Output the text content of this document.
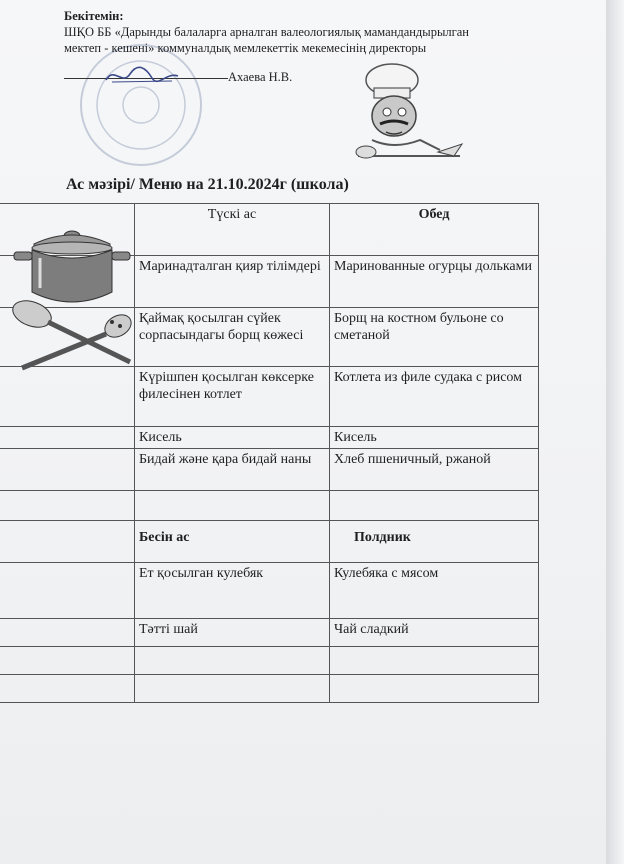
Бекітемін:
ШҚО ББ «Дарынды балаларга арналган валеологиялық мамандандырылган
мектеп - кешені» коммуналдық мемлекеттік мекемесінің директоры
Ахаева Н.В.
Ас мәзірі/ Меню на 21.10.2024г (школа)
	Түскі ас	Обед
	Маринадталган қияр тілімдері	Маринованные огурцы дольками
	Қаймақ қосылган сүйек сорпасындагы борщ көжесі	Борщ на костном бульоне со сметаной
	Күрішпен қосылган көксерке филесінен котлет	Котлета из филе судака с рисом
	Кисель	Кисель
	Бидай және қара бидай наны	Хлеб пшеничный, ржаной

	Бесін ас	Полдник
	Ет қосылган кулебяк	Кулебяка с мясом
	Тәтті шай	Чай сладкий
